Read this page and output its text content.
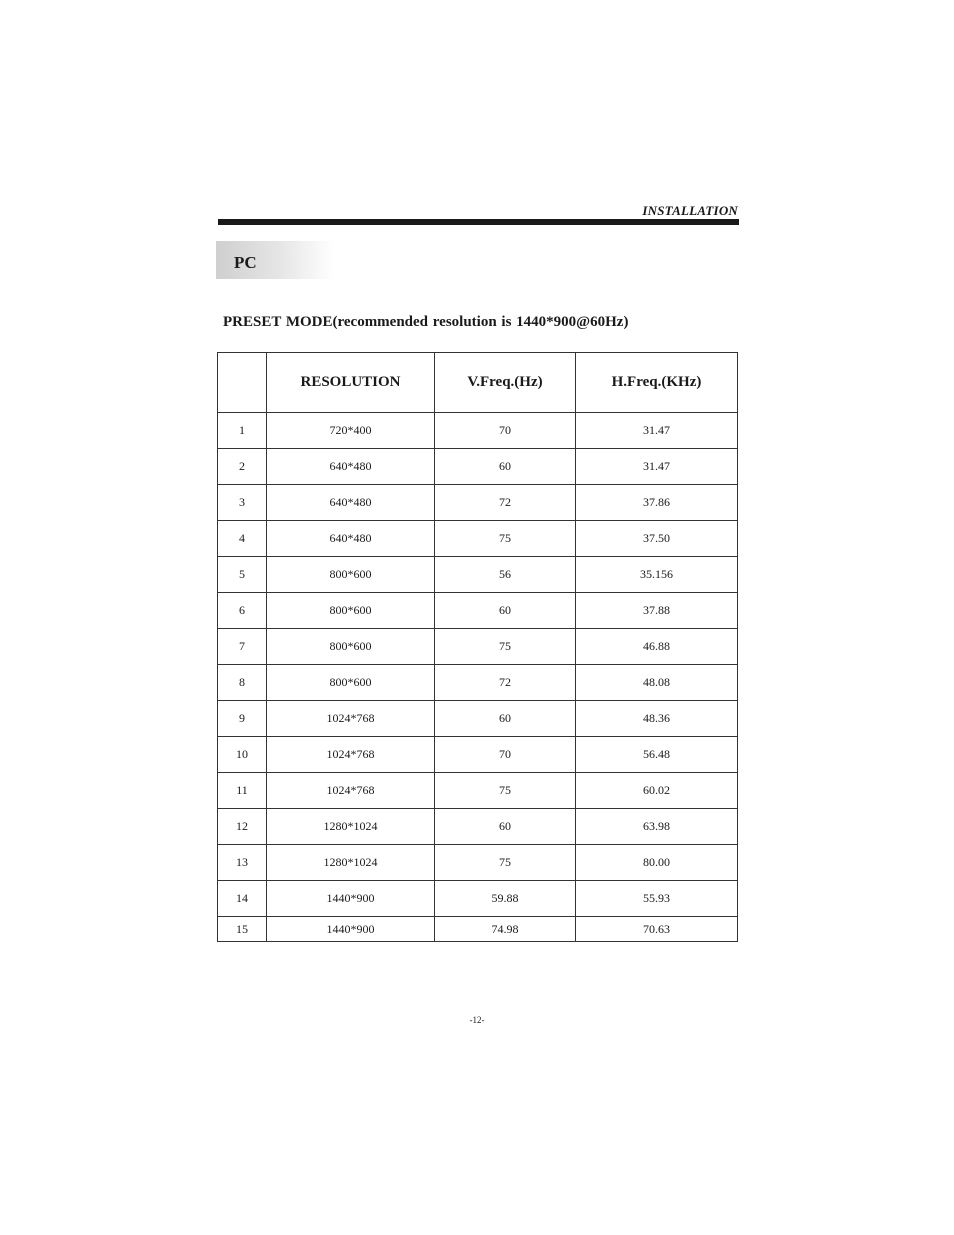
INSTALLATION
PC
PRESET MODE(recommended resolution is 1440*900@60Hz)
	RESOLUTION	V.Freq.(Hz)	H.Freq.(KHz)
1	720*400	70	31.47
2	640*480	60	31.47
3	640*480	72	37.86
4	640*480	75	37.50
5	800*600	56	35.156
6	800*600	60	37.88
7	800*600	75	46.88
8	800*600	72	48.08
9	1024*768	60	48.36
10	1024*768	70	56.48
11	1024*768	75	60.02
12	1280*1024	60	63.98
13	1280*1024	75	80.00
14	1440*900	59.88	55.93
15	1440*900	74.98	70.63
-12-
